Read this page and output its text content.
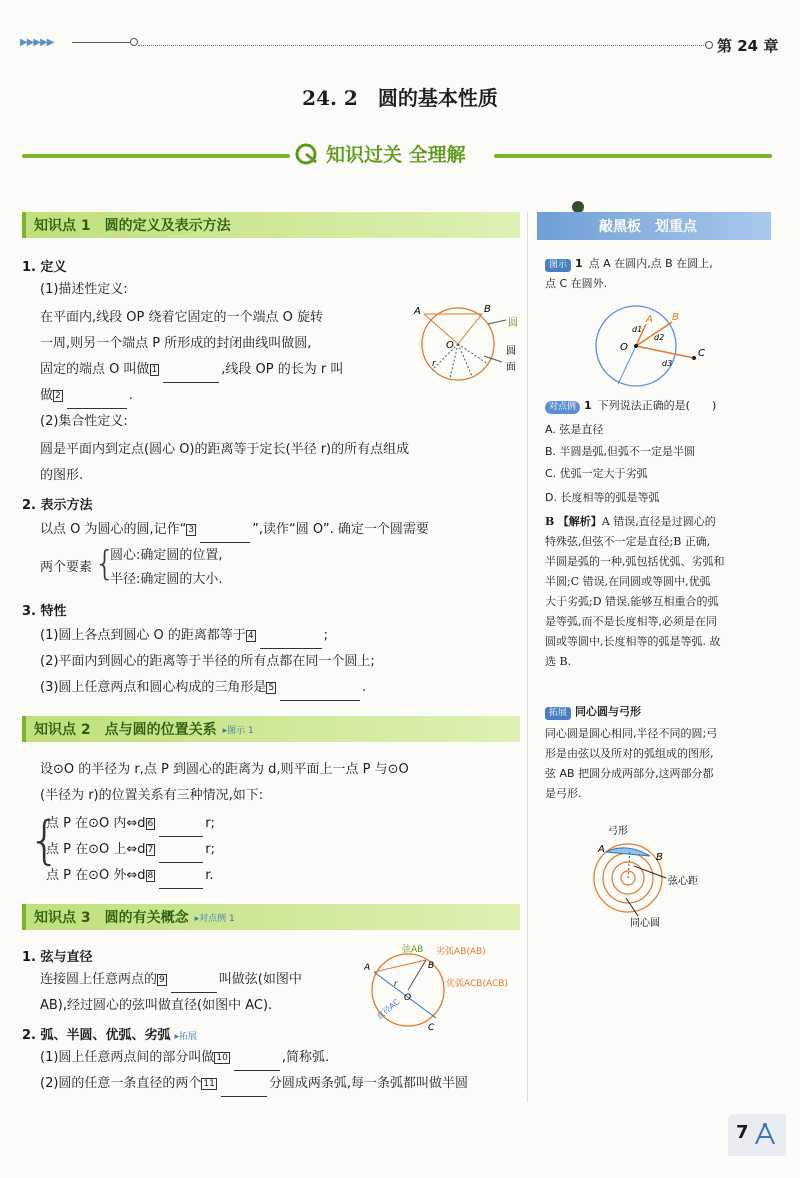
▶▶▶▶▶	第 24 章
24. 2　圆的基本性质
知识过关 全理解
知识点 1　圆的定义及表示方法
1. 定义
(1)描述性定义:
在平面内,线段 OP 绕着它固定的一个端点 O 旋转
一周,则另一个端点 P 所形成的封闭曲线叫做圆,
固定的端点 O 叫做 1	,线段 OP 的长为 r 叫
做 2	.
A	B
O
r
圆
圆
面
(2)集合性定义:
圆是平面内到定点(圆心 O)的距离等于定长(半径 r)的所有点组成
的图形.
2. 表示方法
以点 O 为圆心的圆,记作“ 3	”,读作“圆 O”. 确定一个圆需要
两个要素 {
圆心:确定圆的位置,
半径:确定圆的大小.
3. 特性
(1)圆上各点到圆心 O 的距离都等于 4	;
(2)平面内到圆心的距离等于半径的所有点都在同一个圆上;
(3)圆上任意两点和圆心构成的三角形是 5	.
知识点 2　点与圆的位置关系 ▸图示 1
设⊙O 的半径为 r,点 P 到圆心的距离为 d,则平面上一点 P 与⊙O
(半径为 r)的位置关系有三种情况,如下:
{
点 P 在⊙O 内⇔d 6	r;
点 P 在⊙O 上⇔d 7	r;
点 P 在⊙O 外⇔d 8	r.
知识点 3　圆的有关概念 ▸对点例 1
1. 弦与直径
连接圆上任意两点的 9	叫做弦(如图中
AB),经过圆心的弦叫做直径(如图中 AC).
2. 弧、半圆、优弧、劣弧 ▸拓展
(1)圆上任意两点间的部分叫做 10	,简称弧.
(2)圆的任意一条直径的两个 11	分圆成两条弧,每一条弧都叫做半圆
A	B
C
O
r
弦AB 劣弧AB(AB)
优弧ACB(ACB)
直径AC
敲黑板　划重点
图示 1 点 A 在圆内,点 B 在圆上,
点 C 在圆外.
O
A B
C
d1
d2
d3
对点例 1 下列说法正确的是(　　)
A. 弦是直径
B. 半圆是弧,但弧不一定是半圆
C. 优弧一定大于劣弧
D. 长度相等的弧是等弧
B 【解析】A 错误,直径是过圆心的
特殊弦,但弦不一定是直径;B 正确,
半圆是弧的一种,弧包括优弧、劣弧和
半圆;C 错误,在同圆或等圆中,优弧
大于劣弧;D 错误,能够互相重合的弧
是等弧,而不是长度相等,必须是在同
圆或等圆中,长度相等的弧是等弧. 故
选 B.
拓展 同心圆与弓形
同心圆是圆心相同,半径不同的圆;弓
形是由弦以及所对的弧组成的图形,
弦 AB 把圆分成两部分,这两部分都
是弓形.
弓形
A
B
弦心距
同心圆
7
